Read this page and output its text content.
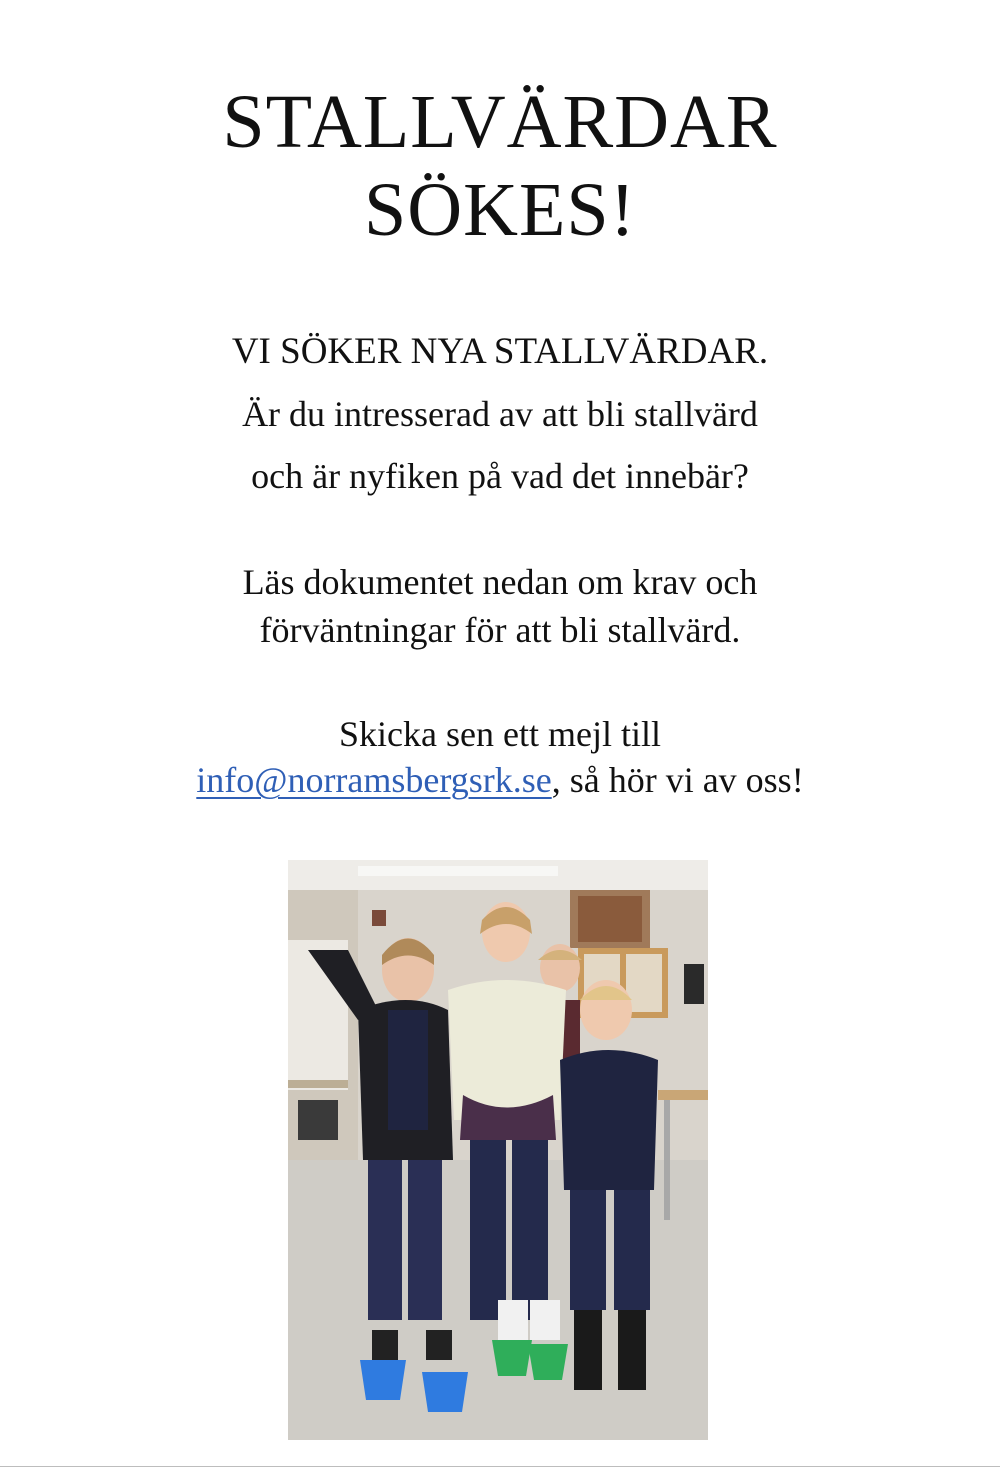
STALLVÄRDAR
SÖKES!

VI SÖKER NYA STALLVÄRDAR.

Är du intresserad av att bli stallvärd

och är nyfiken på vad det innebär?

Läs dokumentet nedan om krav och

förväntningar för att bli stallvärd.

Skicka sen ett mejl till

info@norramsbergsrk.se, så hör vi av oss!
